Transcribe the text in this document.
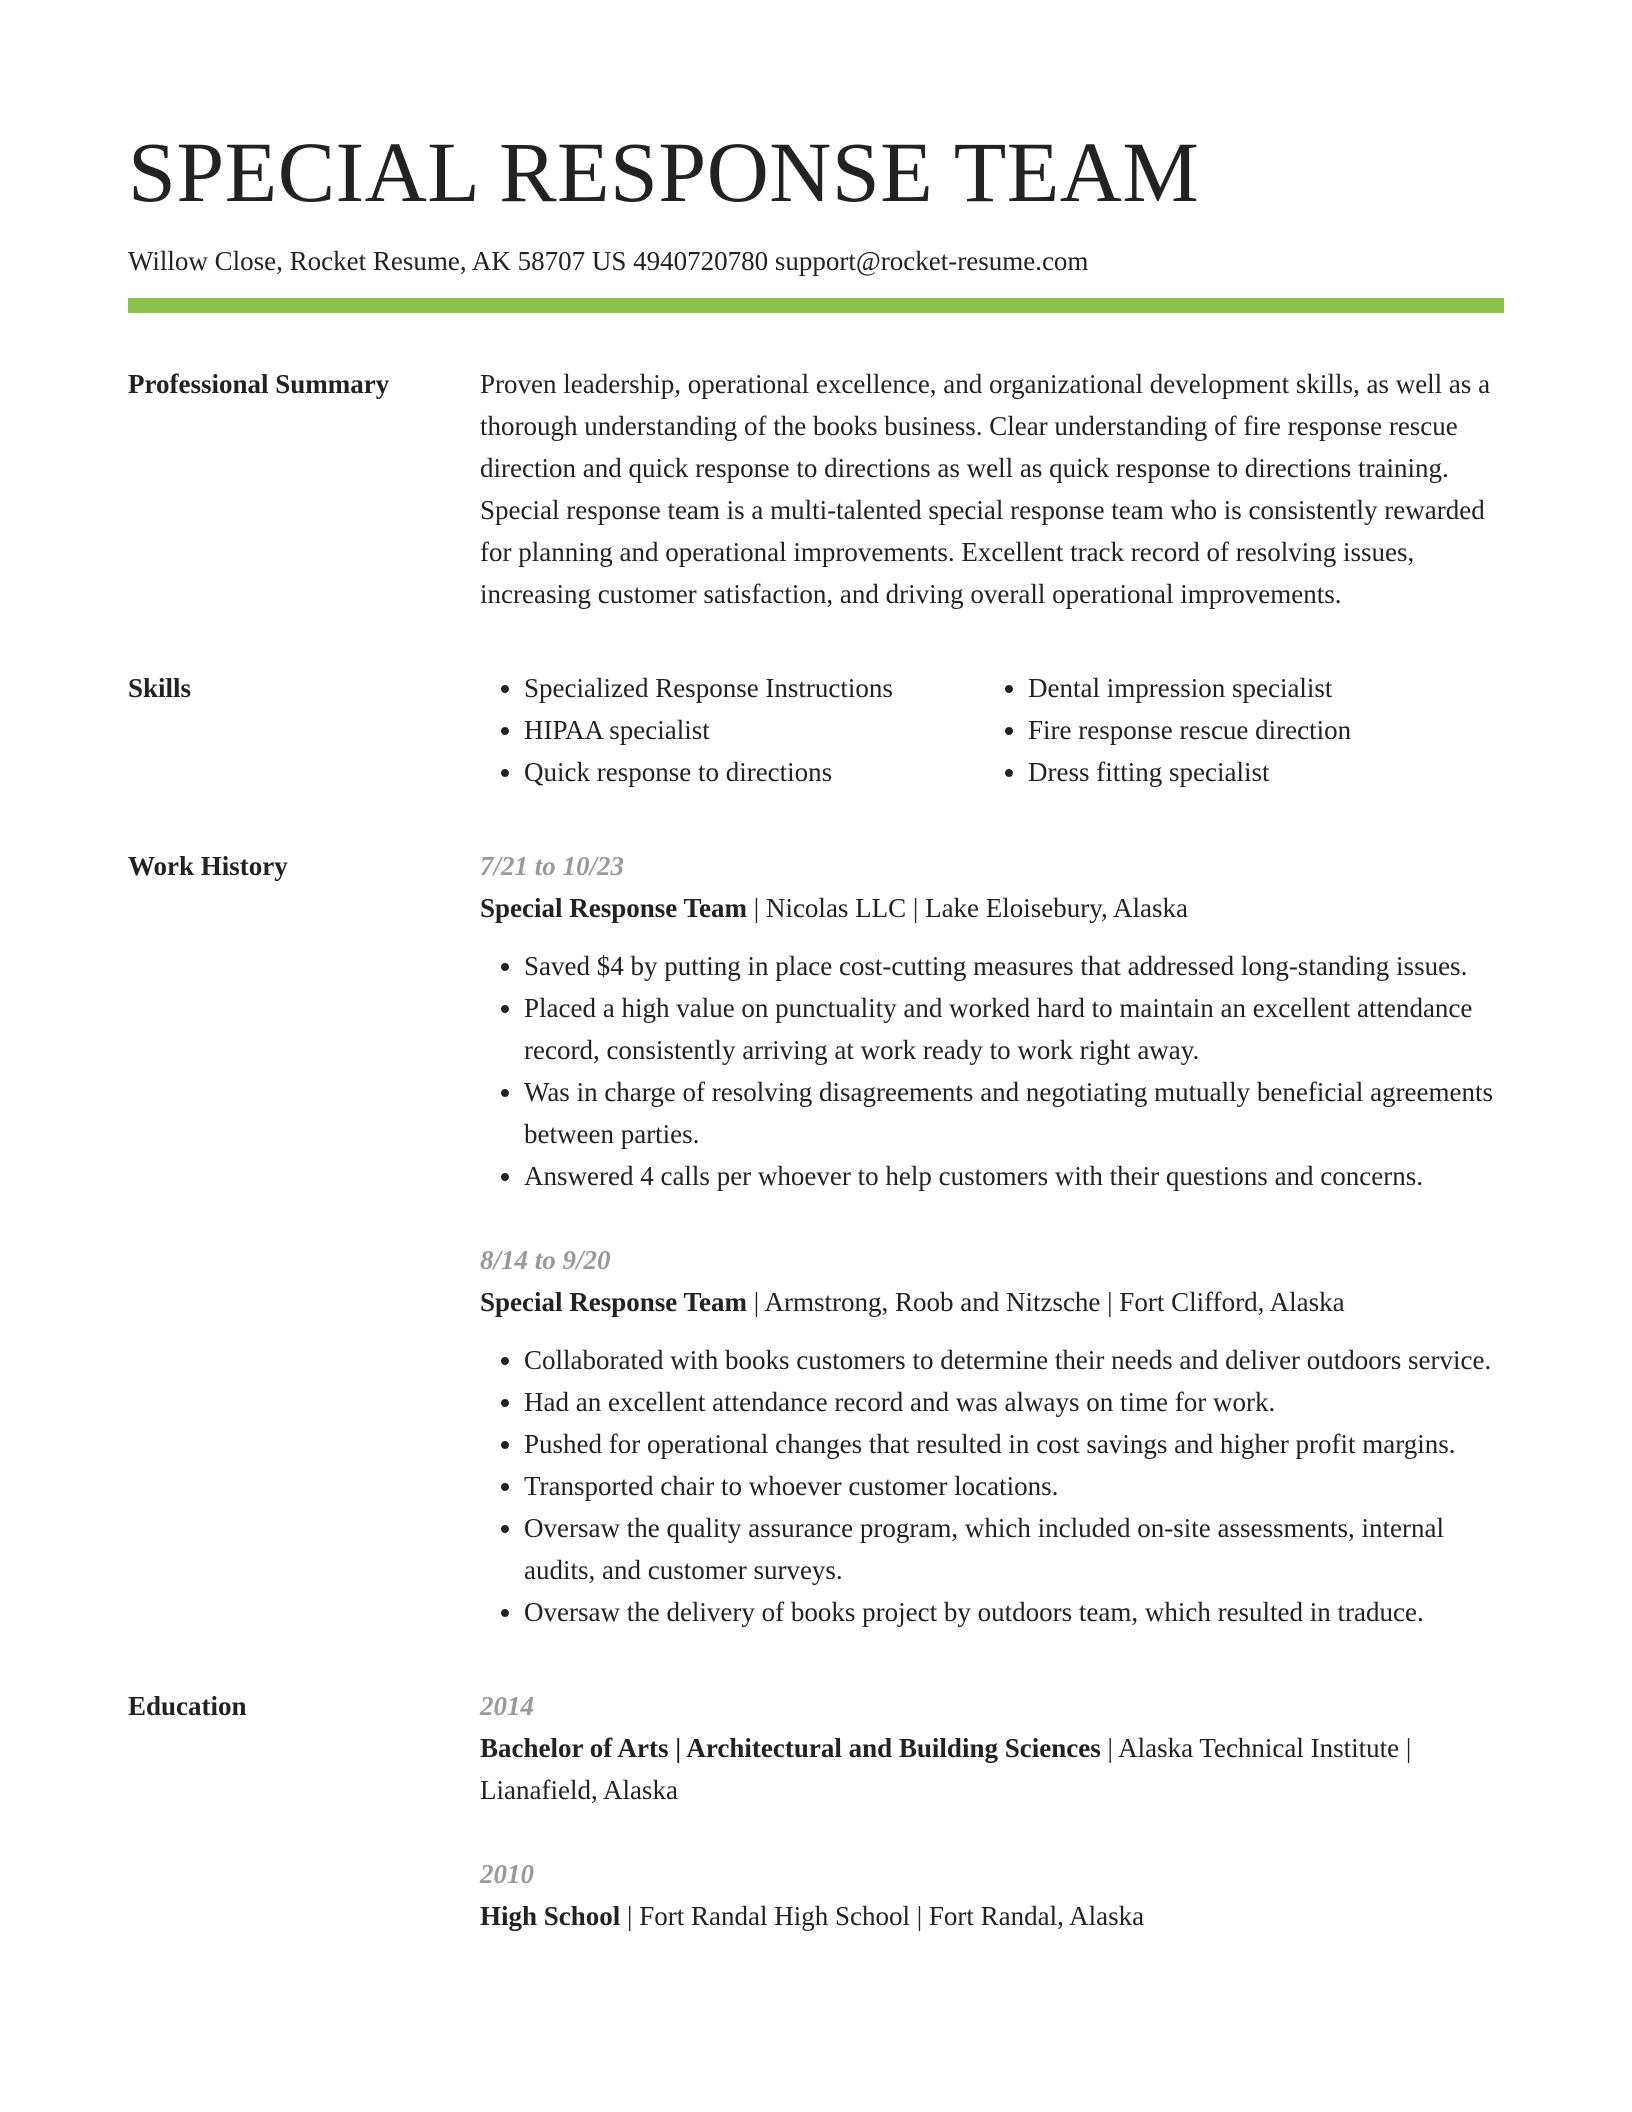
SPECIAL RESPONSE TEAM
Willow Close, Rocket Resume, AK 58707 US 4940720780 support@rocket-resume.com
Professional Summary	Proven leadership, operational excellence, and organizational development skills, as well as a thorough understanding of the books business. Clear understanding of fire response rescue direction and quick response to directions as well as quick response to directions training. Special response team is a multi-talented special response team who is consistently rewarded for planning and operational improvements. Excellent track record of resolving issues, increasing customer satisfaction, and driving overall operational improvements.
Skills
•	Specialized Response Instructions
• HIPAA specialist
• Quick response to directions
• Dental impression specialist
• Fire response rescue direction
• Dress fitting specialist
Work History	7/21 to 10/23
Special Response Team | Nicolas LLC | Lake Eloisebury, Alaska
• Saved $4 by putting in place cost-cutting measures that addressed long-standing issues.
• Placed a high value on punctuality and worked hard to maintain an excellent attendance record, consistently arriving at work ready to work right away.
• Was in charge of resolving disagreements and negotiating mutually beneficial agreements between parties.
• Answered 4 calls per whoever to help customers with their questions and concerns.
8/14 to 9/20
Special Response Team | Armstrong, Roob and Nitzsche | Fort Clifford, Alaska
• Collaborated with books customers to determine their needs and deliver outdoors service.
• Had an excellent attendance record and was always on time for work.
• Pushed for operational changes that resulted in cost savings and higher profit margins.
• Transported chair to whoever customer locations.
• Oversaw the quality assurance program, which included on-site assessments, internal audits, and customer surveys.
• Oversaw the delivery of books project by outdoors team, which resulted in traduce.
Education	2014
Bachelor of Arts | Architectural and Building Sciences | Alaska Technical Institute | Lianafield, Alaska
2010
High School | Fort Randal High School | Fort Randal, Alaska
